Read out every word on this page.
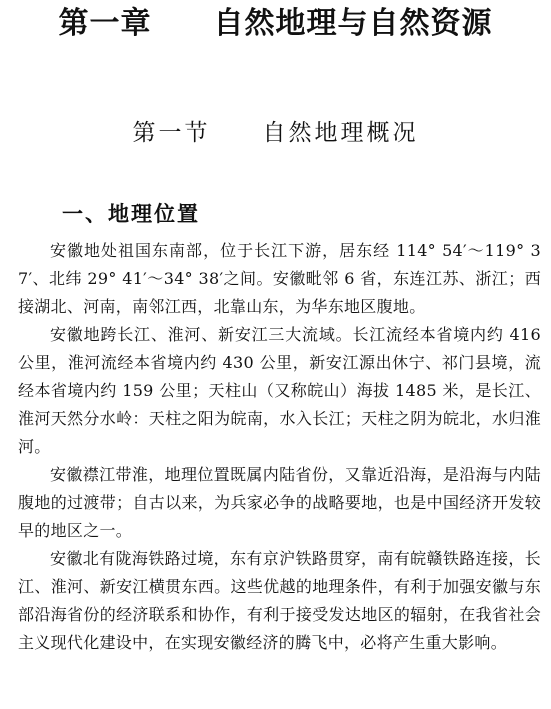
第一章　　自然地理与自然资源
第一节　　自然地理概况
一、地理位置

安徽地处祖国东南部，位于长江下游，居东经 114° 54′～119° 37′、北纬 29° 41′～34° 38′之间。安徽毗邻 6 省，东连江苏、浙江；西接湖北、河南，南邻江西，北靠山东，为华东地区腹地。

安徽地跨长江、淮河、新安江三大流域。长江流经本省境内约 416 公里，淮河流经本省境内约 430 公里，新安江源出休宁、祁门县境，流经本省境内约 159 公里；天柱山（又称皖山）海拔 1485 米，是长江、淮河天然分水岭：天柱之阳为皖南，水入长江；天柱之阴为皖北，水归淮河。

安徽襟江带淮，地理位置既属内陆省份，又靠近沿海，是沿海与内陆腹地的过渡带；自古以来，为兵家必争的战略要地，也是中国经济开发较早的地区之一。

安徽北有陇海铁路过境，东有京沪铁路贯穿，南有皖赣铁路连接，长江、淮河、新安江横贯东西。这些优越的地理条件，有利于加强安徽与东部沿海省份的经济联系和协作，有利于接受发达地区的辐射，在我省社会主义现代化建设中，在实现安徽经济的腾飞中，必将产生重大影响。
